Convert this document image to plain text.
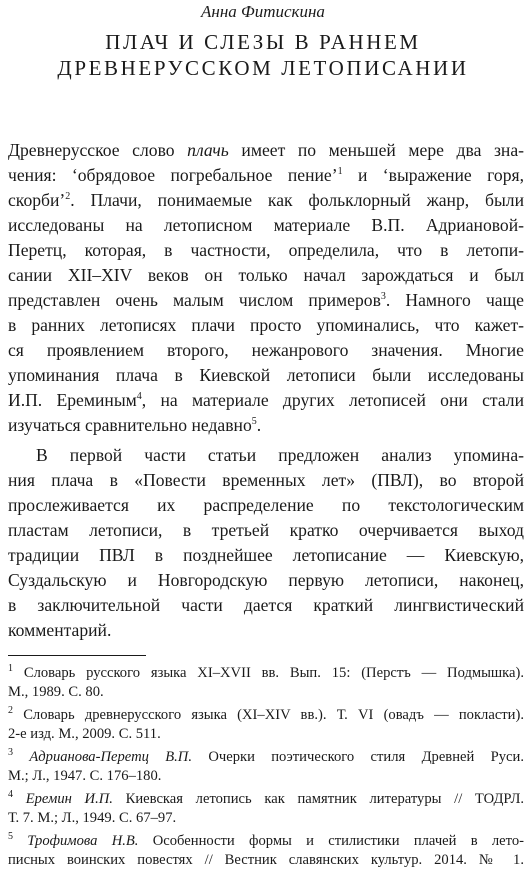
Анна Фитискина
ПЛАЧ И СЛЕЗЫ В РАННЕМ
ДРЕВНЕРУССКОМ ЛЕТОПИСАНИИ
Древнерусское слово плачь имеет по меньшей мере два зна-
чения: ‘обрядовое погребальное пение’$^1$ и ‘выражение горя,
скорби’$^2$. Плачи, понимаемые как фольклорный жанр, были
исследованы на летописном материале В.П. Адриановой-
Перетц, которая, в частности, определила, что в летопи-
сании XII–XIV веков он только начал зарождаться и был
представлен очень малым числом примеров$^3$. Намного чаще
в ранних летописях плачи просто упоминались, что кажет-
ся проявлением второго, нежанрового значения. Многие
упоминания плача в Киевской летописи были исследованы
И.П. Ереминым$^4$, на материале других летописей они стали
изучаться сравнительно недавно$^5$.
В первой части статьи предложен анализ упомина-
ния плача в «Повести временных лет» (ПВЛ), во второй
прослеживается их распределение по текстологическим
пластам летописи, в третьей кратко очерчивается выход
традиции ПВЛ в позднейшее летописание — Киевскую,
Суздальскую и Новгородскую первую летописи, наконец,
в заключительной части дается краткий лингвистический
комментарий.
$^1$ Словарь русского языка XI–XVII вв. Вып. 15: (Перстъ — Подмышка).
М., 1989. С. 80.
$^2$ Словарь древнерусского языка (XI–XIV вв.). Т. VI (овадъ — покласти).
2-е изд. М., 2009. С. 511.
$^3$ Адрианова-Перетц В.П. Очерки поэтического стиля Древней Руси.
М.; Л., 1947. С. 176–180.
$^4$ Еремин И.П. Киевская летопись как памятник литературы // ТОДРЛ.
Т. 7. М.; Л., 1949. С. 67–97.
$^5$ Трофимова Н.В. Особенности формы и стилистики плачей в лето-
писных воинских повестях // Вестник славянских культур. 2014. № 1.
